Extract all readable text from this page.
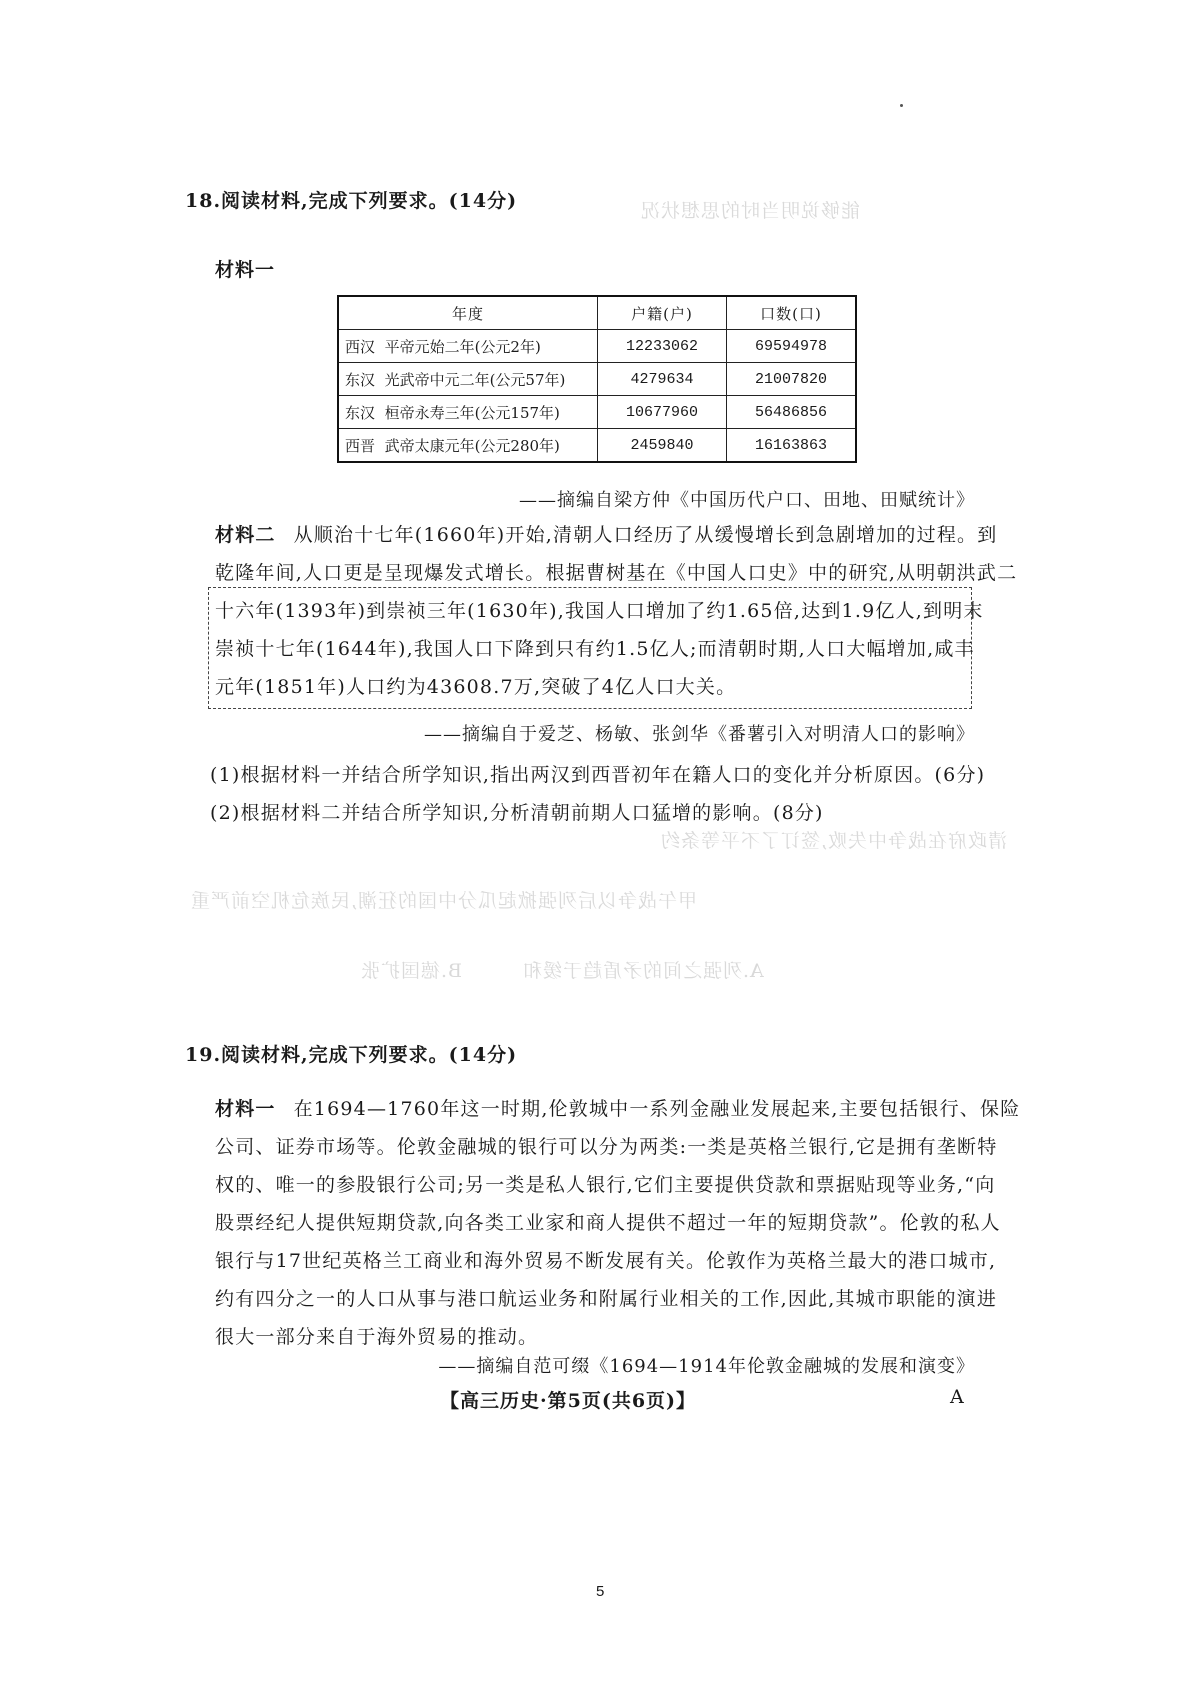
能够说明当时的思想状况
清政府在战争中失败,签订了不平等条约
甲午战争以后列强掀起瓜分中国的狂潮,民族危机空前严重
A.列强之间的矛盾趋于缓和　　　B.德国扩张
18.阅读材料,完成下列要求。(14分)
材料一
年度	户籍(户)	口数(口)
西汉 平帝元始二年(公元2年)	12233062	69594978
东汉 光武帝中元二年(公元57年)	4279634	21007820
东汉 桓帝永寿三年(公元157年)	10677960	56486856
西晋 武帝太康元年(公元280年)	2459840	16163863
——摘编自梁方仲《中国历代户口、田地、田赋统计》
材料二 从顺治十七年(1660年)开始,清朝人口经历了从缓慢增长到急剧增加的过程。到
乾隆年间,人口更是呈现爆发式增长。根据曹树基在《中国人口史》中的研究,从明朝洪武二
十六年(1393年)到崇祯三年(1630年),我国人口增加了约1.65倍,达到1.9亿人,到明末
崇祯十七年(1644年),我国人口下降到只有约1.5亿人;而清朝时期,人口大幅增加,咸丰
元年(1851年)人口约为43608.7万,突破了4亿人口大关。
——摘编自于爱芝、杨敏、张剑华《番薯引入对明清人口的影响》
(1)根据材料一并结合所学知识,指出两汉到西晋初年在籍人口的变化并分析原因。(6分)
(2)根据材料二并结合所学知识,分析清朝前期人口猛增的影响。(8分)
19.阅读材料,完成下列要求。(14分)
材料一 在1694—1760年这一时期,伦敦城中一系列金融业发展起来,主要包括银行、保险
公司、证券市场等。伦敦金融城的银行可以分为两类:一类是英格兰银行,它是拥有垄断特
权的、唯一的参股银行公司;另一类是私人银行,它们主要提供贷款和票据贴现等业务,“向
股票经纪人提供短期贷款,向各类工业家和商人提供不超过一年的短期贷款”。伦敦的私人
银行与17世纪英格兰工商业和海外贸易不断发展有关。伦敦作为英格兰最大的港口城市,
约有四分之一的人口从事与港口航运业务和附属行业相关的工作,因此,其城市职能的演进
很大一部分来自于海外贸易的推动。
——摘编自范可缀《1694—1914年伦敦金融城的发展和演变》
【高三历史·第5页(共6页)】	A
5
